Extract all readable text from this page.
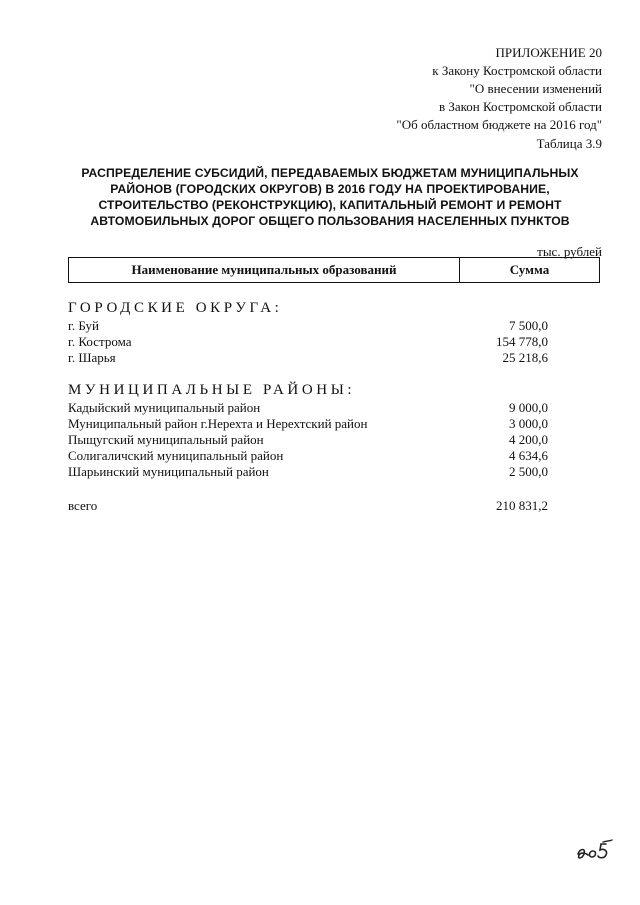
ПРИЛОЖЕНИЕ 20
к Закону Костромской области
"О внесении изменений
в Закон Костромской области
"Об областном бюджете на 2016 год"
Таблица 3.9
РАСПРЕДЕЛЕНИЕ СУБСИДИЙ, ПЕРЕДАВАЕМЫХ БЮДЖЕТАМ МУНИЦИПАЛЬНЫХ
РАЙОНОВ (ГОРОДСКИХ ОКРУГОВ) В 2016 ГОДУ НА ПРОЕКТИРОВАНИЕ,
СТРОИТЕЛЬСТВО (РЕКОНСТРУКЦИЮ), КАПИТАЛЬНЫЙ РЕМОНТ И РЕМОНТ
АВТОМОБИЛЬНЫХ ДОРОГ ОБЩЕГО ПОЛЬЗОВАНИЯ НАСЕЛЕННЫХ ПУНКТОВ
тыс. рублей
Наименование муниципальных образований	Сумма
ГОРОДСКИЕ ОКРУГА:
г. Буй	7 500,0
г. Кострома	154 778,0
г. Шарья	25 218,6
МУНИЦИПАЛЬНЫЕ РАЙОНЫ:
Кадыйский муниципальный район	9 000,0
Муниципальный район г.Нерехта и Нерехтский район	3 000,0
Пыщугский муниципальный район	4 200,0
Солигаличский муниципальный район	4 634,6
Шарьинский муниципальный район	2 500,0
всего	210 831,2
